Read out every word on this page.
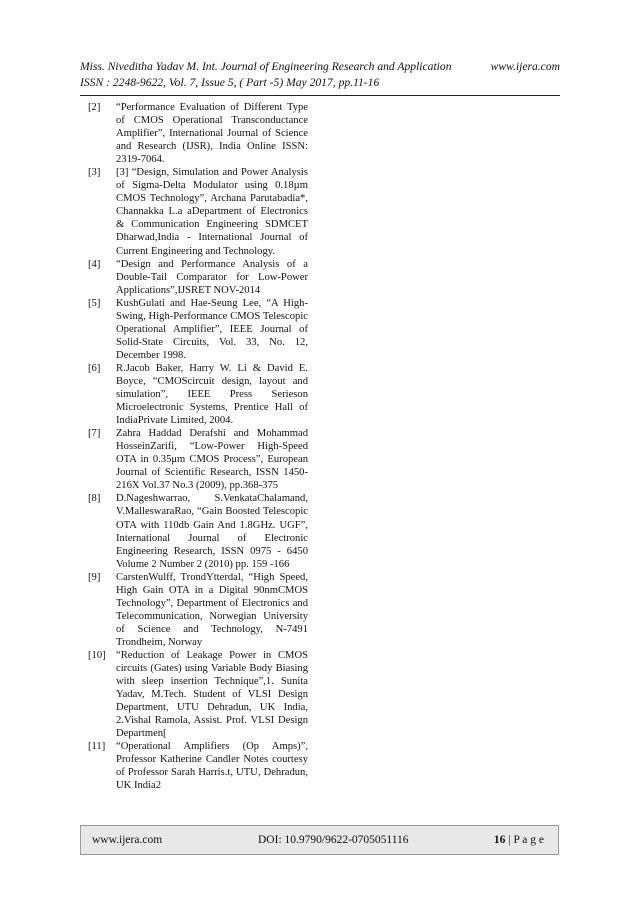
Miss. Niveditha Yadav M. Int. Journal of Engineering Research and Application	www.ijera.com
ISSN : 2248-9622, Vol. 7, Issue 5, ( Part -5) May 2017, pp.11-16
[2] “Performance Evaluation of Different Type of CMOS Operational Transconductance Amplifier”, International Journal of Science and Research (IJSR), India Online ISSN: 2319-7064.
[3] [3] “Design, Simulation and Power Analysis of Sigma-Delta Modulator using 0.18µm CMOS Technology”, Archana Parutabadia*, Channakka L.a aDepartment of Electronics & Communication Engineering SDMCET Dharwad,India - International Journal of Current Engineering and Technology.
[4] “Design and Performance Analysis of a Double-Tail Comparator for Low-Power Applications”,IJSRET NOV-2014
[5] KushGulati and Hae-Seung Lee, “A High-Swing, High-Performance CMOS Telescopic Operational Amplifier”, IEEE Journal of Solid-State Circuits, Vol. 33, No. 12, December 1998.
[6] R.Jacob Baker, Harry W. Li & David E. Boyce, “CMOScircuit design, layout and simulation”, IEEE Press Serieson Microelectronic Systems, Prentice Hall of IndiaPrivate Limited, 2004.
[7] Zahra Haddad Derafshi and Mohammad HosseinZarifi, “Low-Power High-Speed OTA in 0.35μm CMOS Process”, European Journal of Scientific Research, ISSN 1450-216X Vol.37 No.3 (2009), pp.368-375
[8] D.Nageshwarrao, S.VenkataChalamand, V.MalleswaraRao, “Gain Boosted Telescopic OTA with 110db Gain And 1.8GHz. UGF”, International Journal of Electronic Engineering Research, ISSN 0975 - 6450 Volume 2 Number 2 (2010) pp. 159 -166
[9] CarstenWulff, TrondYtterdal, “High Speed, High Gain OTA in a Digital 90nmCMOS Technology”, Department of Electronics and Telecommunication, Norwegian University of Science and Technology, N-7491 Trondheim, Norway
[10] “Reduction of Leakage Power in CMOS circuits (Gates) using Variable Body Biasing with sleep insertion Technique”,1. Sunita Yadav, M.Tech. Student of VLSI Design Department, UTU Dehradun, UK India, 2.Vishal Ramola, Assist. Prof. VLSI Design Departmen[
[11] “Operational Amplifiers (Op Amps)”, Professor Katherine Candler Notes courtesy of Professor Sarah Harris.t, UTU, Dehradun, UK India2
www.ijera.com	DOI: 10.9790/9622-0705051116	16 | P a g e
